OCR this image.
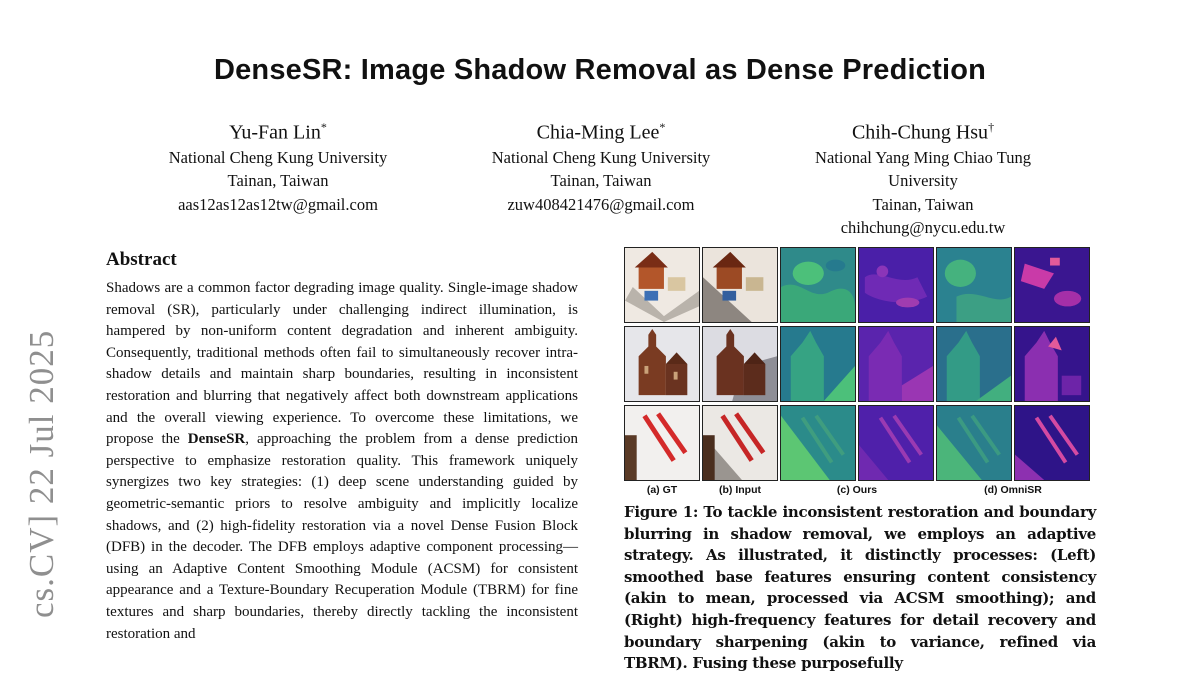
cs.CV] 22 Jul 2025
DenseSR: Image Shadow Removal as Dense Prediction
Yu-Fan Lin*
National Cheng Kung University
Tainan, Taiwan
aas12as12as12tw@gmail.com
Chia-Ming Lee*
National Cheng Kung University
Tainan, Taiwan
zuw408421476@gmail.com
Chih-Chung Hsu†
National Yang Ming Chiao Tung
University
Tainan, Taiwan
chihchung@nycu.edu.tw
Abstract
Shadows are a common factor degrading image quality. Single-image shadow removal (SR), particularly under challenging indirect illumination, is hampered by non-uniform content degradation and inherent ambiguity. Consequently, traditional methods often fail to simultaneously recover intra-shadow details and maintain sharp boundaries, resulting in inconsistent restoration and blurring that negatively affect both downstream applications and the overall viewing experience. To overcome these limitations, we propose the DenseSR, approaching the problem from a dense prediction perspective to emphasize restoration quality. This framework uniquely synergizes two key strategies: (1) deep scene understanding guided by geometric-semantic priors to resolve ambiguity and implicitly localize shadows, and (2) high-fidelity restoration via a novel Dense Fusion Block (DFB) in the decoder. The DFB employs adaptive component processing—using an Adaptive Content Smoothing Module (ACSM) for consistent appearance and a Texture-Boundary Recuperation Module (TBRM) for fine textures and sharp boundaries, thereby directly tackling the inconsistent restoration and
(a) GT	(b) Input	(c) Ours	(d) OmniSR
Figure 1: To tackle inconsistent restoration and boundary blurring in shadow removal, we employs an adaptive strategy. As illustrated, it distinctly processes: (Left) smoothed base features ensuring content consistency (akin to mean, processed via ACSM smoothing); and (Right) high-frequency features for detail recovery and boundary sharpening (akin to variance, refined via TBRM). Fusing these purposefully
